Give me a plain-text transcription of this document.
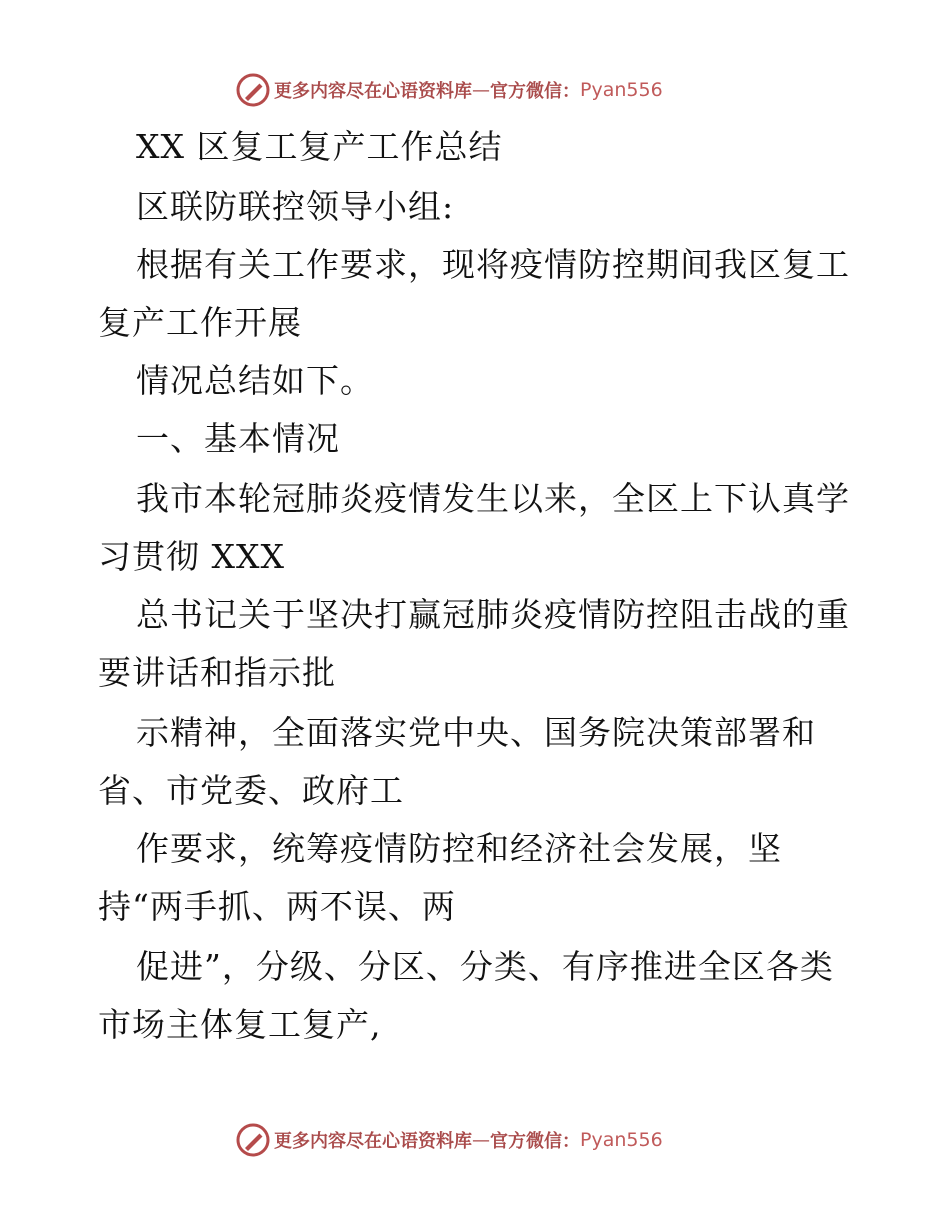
更多内容尽在心语资料库 — 官方微信： Pyan556
XX 区复工复产工作总结
区联防联控领导小组:
根据有关工作要求，现将疫情防控期间我区复工
复产工作开展
情况总结如下。
一、基本情况
我市本轮冠肺炎疫情发生以来，全区上下认真学
习贯彻 XXX
总书记关于坚决打赢冠肺炎疫情防控阻击战的重
要讲话和指示批
示精神，全面落实党中央、国务院决策部署和
省、市党委、政府工
作要求，统筹疫情防控和经济社会发展，坚
持“两手抓、两不误、两
促进”，分级、分区、分类、有序推进全区各类
市场主体复工复产,
更多内容尽在心语资料库 — 官方微信： Pyan556
